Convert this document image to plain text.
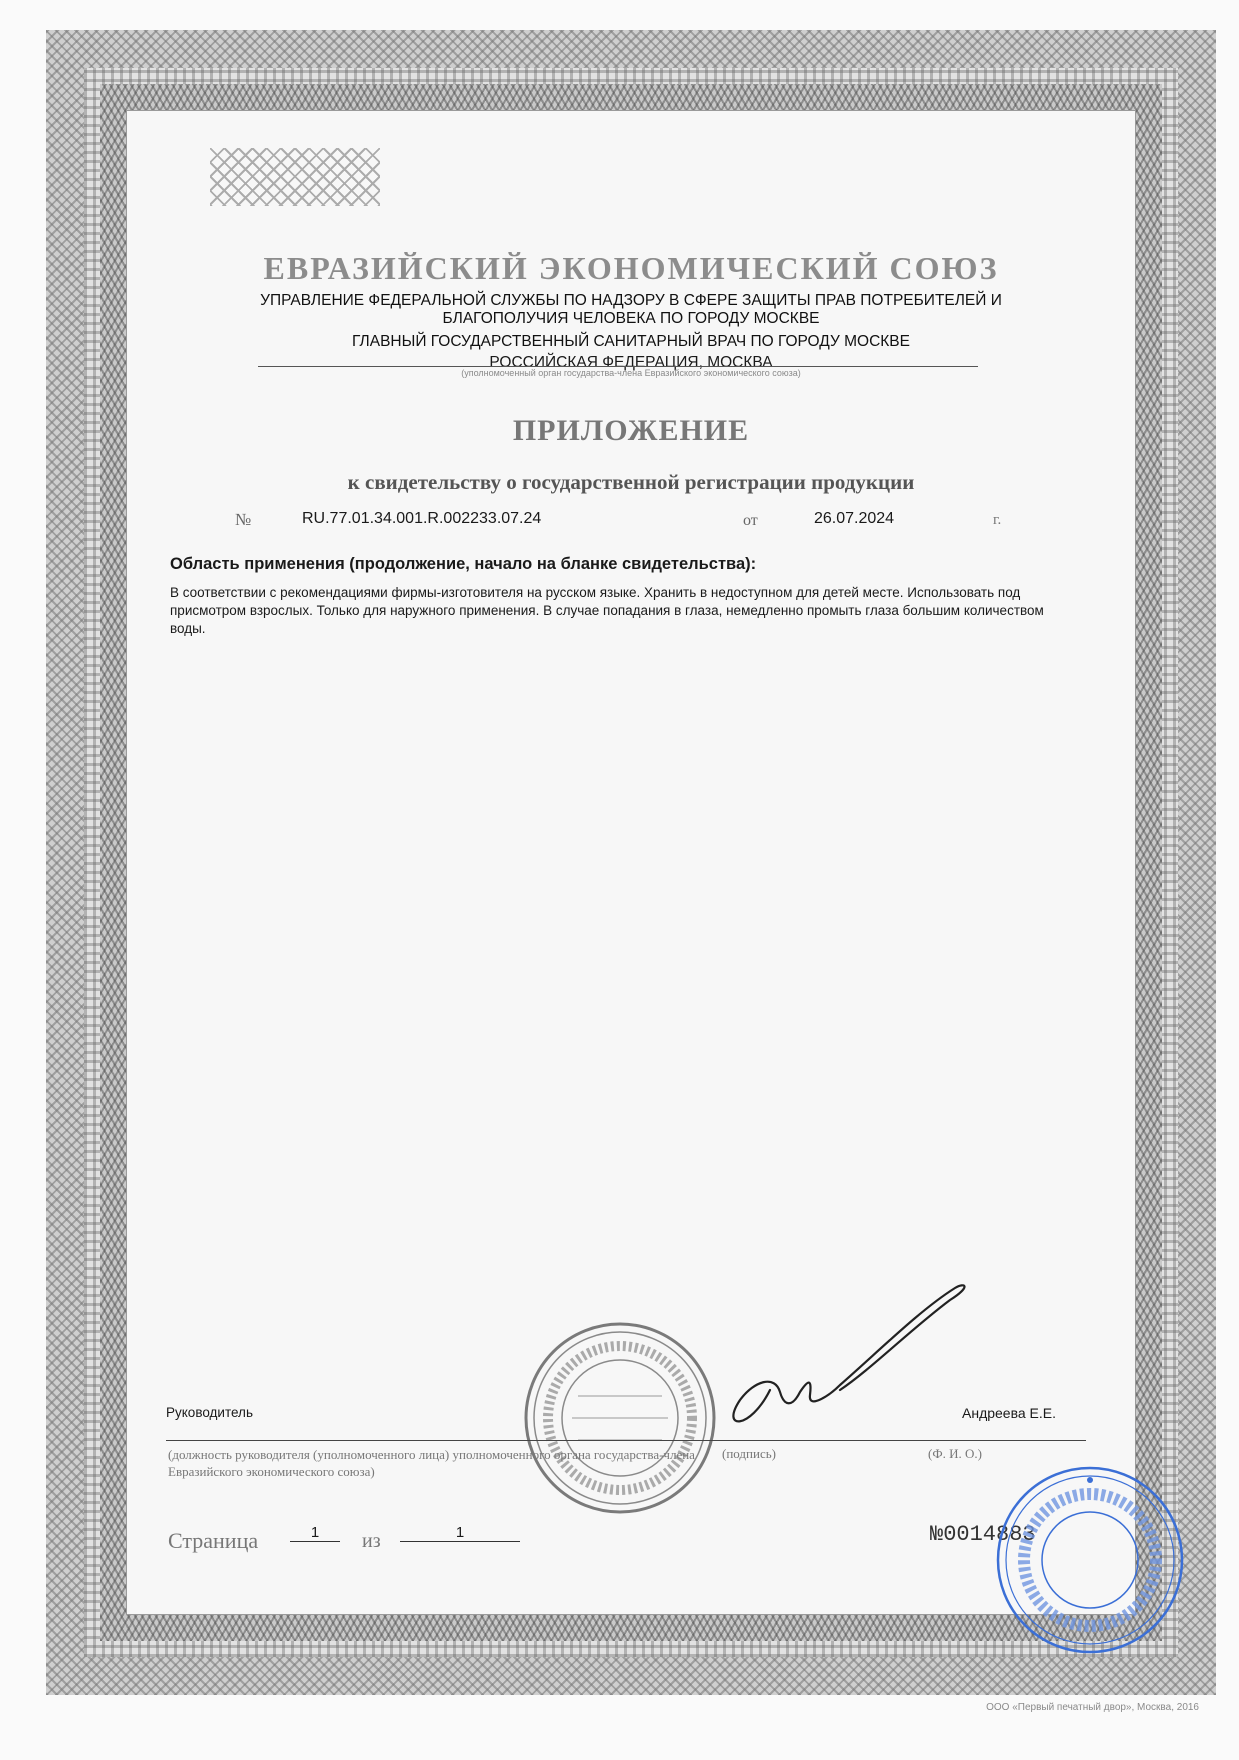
ЕВРАЗИЙСКИЙ ЭКОНОМИЧЕСКИЙ СОЮЗ
УПРАВЛЕНИЕ ФЕДЕРАЛЬНОЙ СЛУЖБЫ ПО НАДЗОРУ В СФЕРЕ ЗАЩИТЫ ПРАВ ПОТРЕБИТЕЛЕЙ И
БЛАГОПОЛУЧИЯ ЧЕЛОВЕКА ПО ГОРОДУ МОСКВЕ
ГЛАВНЫЙ ГОСУДАРСТВЕННЫЙ САНИТАРНЫЙ ВРАЧ ПО ГОРОДУ МОСКВЕ
РОССИЙСКАЯ ФЕДЕРАЦИЯ, МОСКВА
(уполномоченный орган государства-члена Евразийского экономического союза)
ПРИЛОЖЕНИЕ
к свидетельству о государственной регистрации продукции
№	RU.77.01.34.001.R.002233.07.24	от	26.07.2024	г.
Область применения (продолжение, начало на бланке свидетельства):
В соответствии с рекомендациями фирмы-изготовителя на русском языке. Хранить в недоступном для детей месте. Использовать под присмотром взрослых. Только для наружного применения. В случае попадания в глаза, немедленно промыть глаза большим количеством воды.
Руководитель	Андреева Е.Е.
(должность руководителя (уполномоченного лица) уполномоченного органа государства-члена Евразийского экономического союза)
(подпись)	(Ф. И. О.)
Страница	1	из	1	№0014883
ООО «Первый печатный двор», Москва, 2016
